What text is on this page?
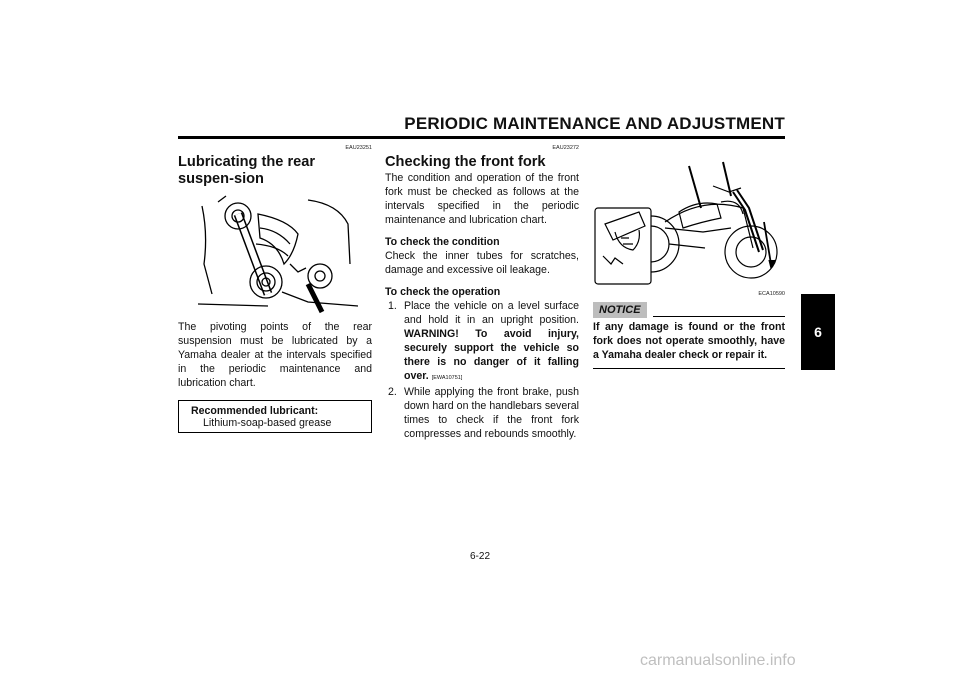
PERIODIC MAINTENANCE AND ADJUSTMENT
6
EAU23251
Lubricating the rear suspen-sion

The pivoting points of the rear suspension must be lubricated by a Yamaha dealer at the intervals specified in the periodic maintenance and lubrication chart.

Recommended lubricant:
Lithium-soap-based grease
EAU23272
Checking the front fork

The condition and operation of the front fork must be checked as follows at the intervals specified in the periodic maintenance and lubrication chart.

To check the condition

Check the inner tubes for scratches, damage and excessive oil leakage.

To check the operation
1. Place the vehicle on a level surface and hold it in an upright position. WARNING! To avoid injury, securely support the vehicle so there is no danger of it falling over. [EWA10751]
2. While applying the front brake, push down hard on the handlebars several times to check if the front fork compresses and rebounds smoothly.
ECA10590
NOTICE

If any damage is found or the front fork does not operate smoothly, have a Yamaha dealer check or repair it.

6-22
carmanualsonline.info
